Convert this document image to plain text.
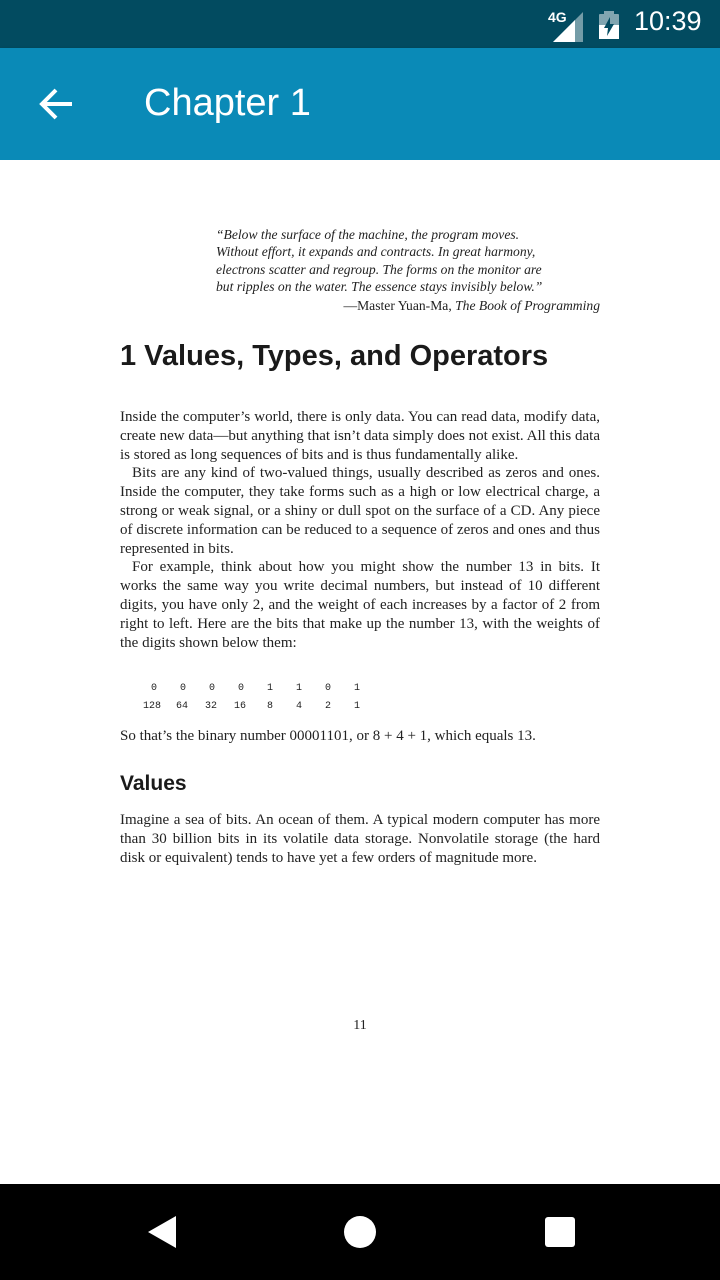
4G 10:39
Chapter 1
“Below the surface of the machine, the program moves.
Without effort, it expands and contracts. In great harmony,
electrons scatter and regroup. The forms on the monitor are
but ripples on the water. The essence stays invisibly below.”
—Master Yuan-Ma, The Book of Programming
1 Values, Types, and Operators

Inside the computer’s world, there is only data. You can read data, modify data, create new data—but anything that isn’t data simply does not exist. All this data is stored as long sequences of bits and is thus fundamentally alike.

Bits are any kind of two-valued things, usually described as zeros and ones. Inside the computer, they take forms such as a high or low electrical charge, a strong or weak signal, or a shiny or dull spot on the surface of a CD. Any piece of discrete information can be reduced to a sequence of zeros and ones and thus represented in bits.

For example, think about how you might show the number 13 in bits. It works the same way you write decimal numbers, but instead of 10 different digits, you have only 2, and the weight of each increases by a factor of 2 from right to left. Here are the bits that make up the number 13, with the weights of the digits shown below them:

0	0	0	0	1	1	0	1
128	64	32	16	8	4	2	1
So that’s the binary number 00001101, or 8 + 4 + 1, which equals 13.
Values

Imagine a sea of bits. An ocean of them. A typical modern computer has more than 30 billion bits in its volatile data storage. Nonvolatile storage (the hard disk or equivalent) tends to have yet a few orders of magnitude more.

11
